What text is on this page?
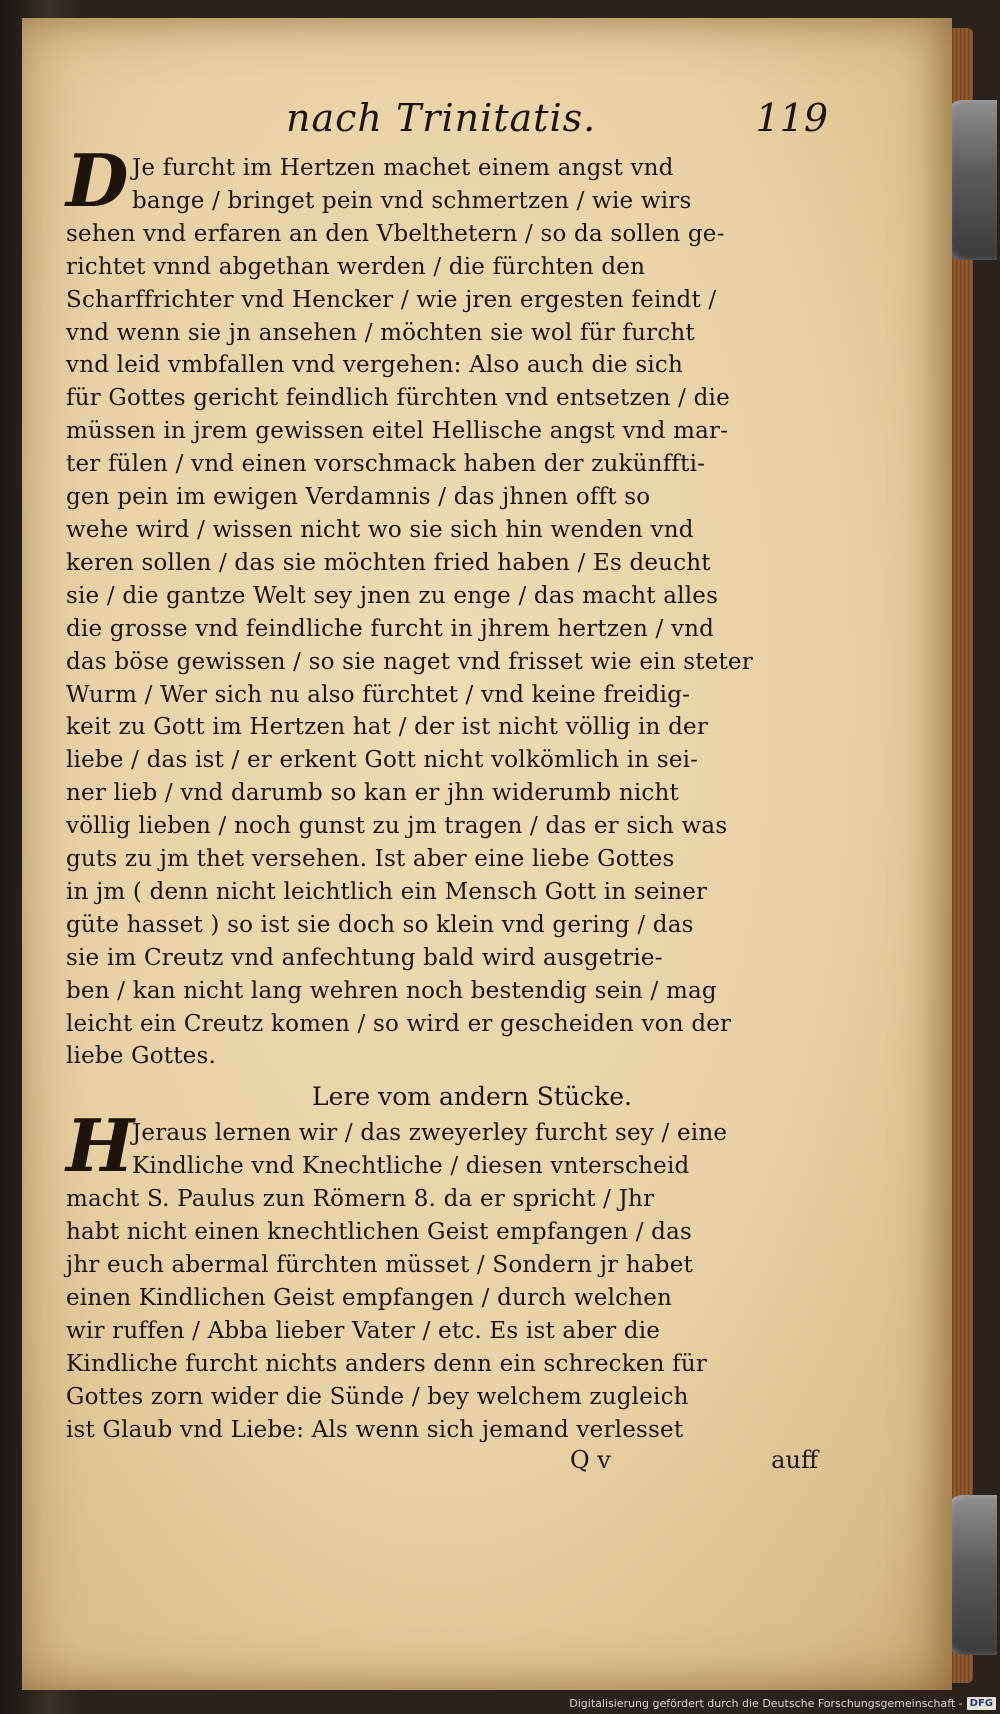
nach Trinitatis.	119
D Je furcht im Hertzen machet einem angst vnd
bange / bringet pein vnd schmertzen / wie wirs
sehen vnd erfaren an den Vbelthetern / so da sollen ge-
richtet vnnd abgethan werden / die fürchten den
Scharffrichter vnd Hencker / wie jren ergesten feindt /
vnd wenn sie jn ansehen / möchten sie wol für furcht
vnd leid vmbfallen vnd vergehen: Also auch die sich
für Gottes gericht feindlich fürchten vnd entsetzen / die
müssen in jrem gewissen eitel Hellische angst vnd mar-
ter fülen / vnd einen vorschmack haben der zukünffti-
gen pein im ewigen Verdamnis / das jhnen offt so
wehe wird / wissen nicht wo sie sich hin wenden vnd
keren sollen / das sie möchten fried haben / Es deucht
sie / die gantze Welt sey jnen zu enge / das macht alles
die grosse vnd feindliche furcht in jhrem hertzen / vnd
das böse gewissen / so sie naget vnd frisset wie ein steter
Wurm / Wer sich nu also fürchtet / vnd keine freidig-
keit zu Gott im Hertzen hat / der ist nicht völlig in der
liebe / das ist / er erkent Gott nicht volkömlich in sei-
ner lieb / vnd darumb so kan er jhn widerumb nicht
völlig lieben / noch gunst zu jm tragen / das er sich was
guts zu jm thet versehen. Ist aber eine liebe Gottes
in jm ( denn nicht leichtlich ein Mensch Gott in seiner
güte hasset ) so ist sie doch so klein vnd gering / das
sie im Creutz vnd anfechtung bald wird ausgetrie-
ben / kan nicht lang wehren noch bestendig sein / mag
leicht ein Creutz komen / so wird er gescheiden von der
liebe Gottes.
Lere vom andern Stücke.
H
Jeraus lernen wir / das zweyerley furcht sey / eine
Kindliche vnd Knechtliche / diesen vnterscheid
macht S. Paulus zun Römern 8. da er spricht / Jhr
habt nicht einen knechtlichen Geist empfangen / das
jhr euch abermal fürchten müsset / Sondern jr habet
einen Kindlichen Geist empfangen / durch welchen
wir ruffen / Abba lieber Vater / etc. Es ist aber die
Kindliche furcht nichts anders denn ein schrecken für
Gottes zorn wider die Sünde / bey welchem zugleich
ist Glaub vnd Liebe: Als wenn sich jemand verlesset
Q v	auff
Digitalisierung gefördert durch die Deutsche Forschungsgemeinschaft - DFG
